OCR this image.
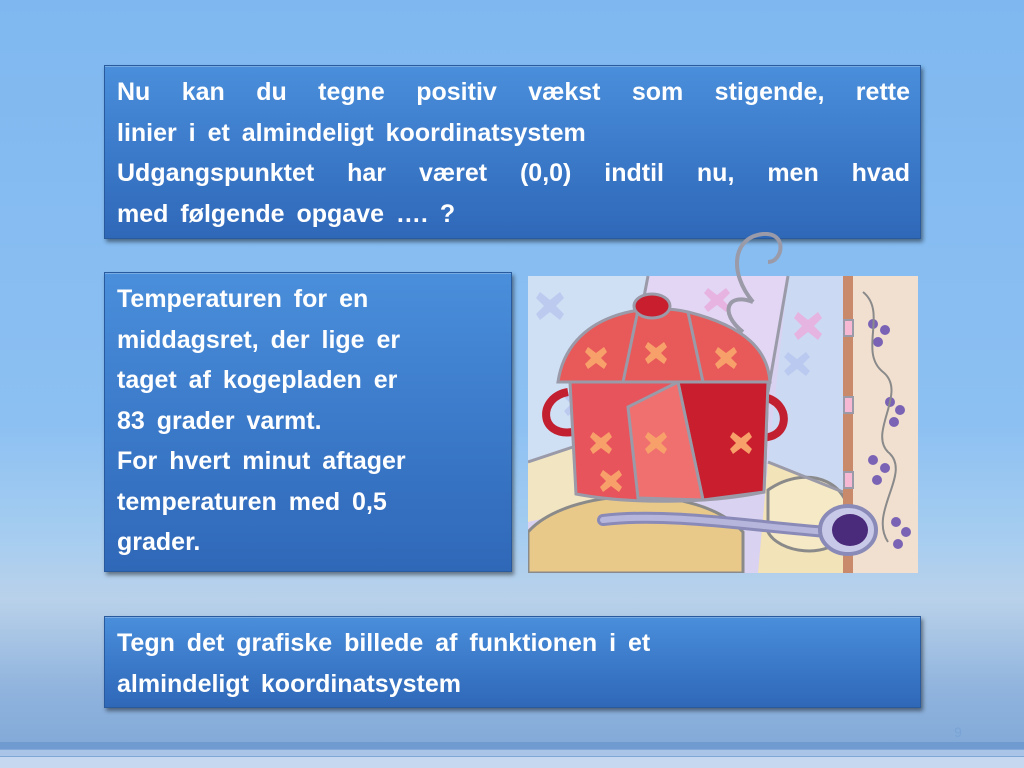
Nu kan du tegne positiv vækst som stigende, rette
linier i et almindeligt koordinatsystem
Udgangspunktet har været (0,0) indtil nu, men hvad
med følgende opgave …. ?
Temperaturen for en
middagsret, der lige er
taget af kogepladen er
83 grader varmt.
For hvert minut aftager
temperaturen med 0,5
grader.
Tegn det grafiske billede af funktionen i et
almindeligt koordinatsystem
9
